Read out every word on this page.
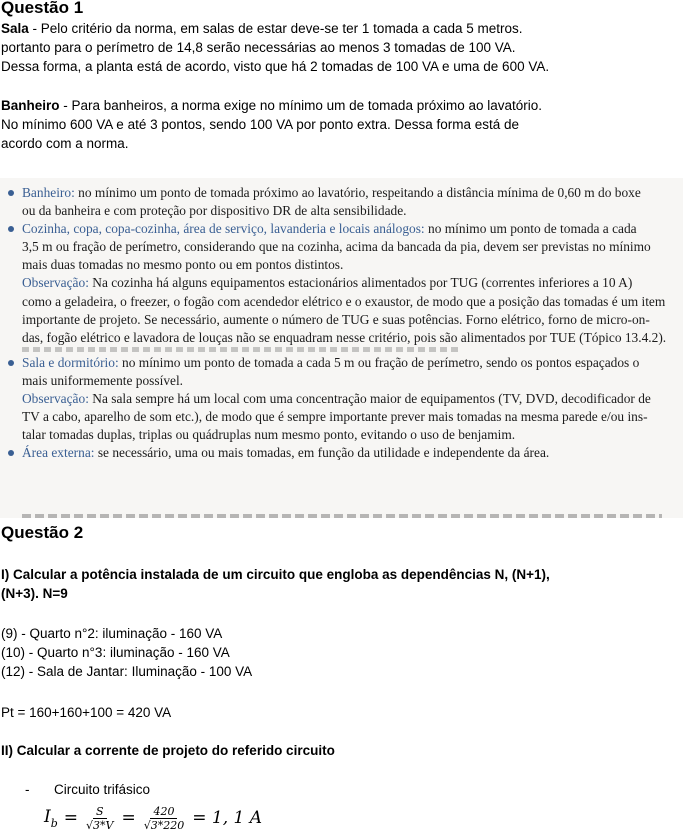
Questão 1

Sala - Pelo critério da norma, em salas de estar deve-se ter 1 tomada a cada 5 metros.

portanto para o perímetro de 14,8 serão necessárias ao menos 3 tomadas de 100 VA.

Dessa forma, a planta está de acordo, visto que há 2 tomadas de 100 VA e uma de 600 VA.

Banheiro - Para banheiros, a norma exige no mínimo um de tomada próximo ao lavatório.

No mínimo 600 VA e até 3 pontos, sendo 100 VA por ponto extra. Dessa forma está de

acordo com a norma.

Banheiro: no mínimo um ponto de tomada próximo ao lavatório, respeitando a distância mínima de 0,60 m do boxe
ou da banheira e com proteção por dispositivo DR de alta sensibilidade.
Cozinha, copa, copa-cozinha, área de serviço, lavanderia e locais análogos: no mínimo um ponto de tomada a cada
3,5 m ou fração de perímetro, considerando que na cozinha, acima da bancada da pia, devem ser previstas no mínimo
mais duas tomadas no mesmo ponto ou em pontos distintos.
Observação: Na cozinha há alguns equipamentos estacionários alimentados por TUG (correntes inferiores a 10 A)
como a geladeira, o freezer, o fogão com acendedor elétrico e o exaustor, de modo que a posição das tomadas é um item
importante de projeto. Se necessário, aumente o número de TUG e suas potências. Forno elétrico, forno de micro-on-
das, fogão elétrico e lavadora de louças não se enquadram nesse critério, pois são alimentados por TUE (Tópico 13.4.2).
Sala e dormitório: no mínimo um ponto de tomada a cada 5 m ou fração de perímetro, sendo os pontos espaçados o
mais uniformemente possível.
Observação: Na sala sempre há um local com uma concentração maior de equipamentos (TV, DVD, decodificador de
TV a cabo, aparelho de som etc.), de modo que é sempre importante prever mais tomadas na mesma parede e/ou ins-
talar tomadas duplas, triplas ou quádruplas num mesmo ponto, evitando o uso de benjamim.
Área externa: se necessário, uma ou mais tomadas, em função da utilidade e independente da área.
Questão 2

I) Calcular a potência instalada de um circuito que engloba as dependências N, (N+1),

(N+3). N=9

(9) - Quarto n°2: iluminação - 160 VA

(10) - Quarto n°3: iluminação - 160 VA

(12) - Sala de Jantar: Iluminação - 100 VA

Pt = 160+160+100 = 420 VA

II) Calcular a corrente de projeto do referido circuito

- Circuito trifásico
$I_b = \frac{S}{√3*V} = \frac{420}{√3*220} = 1$, 1 A
